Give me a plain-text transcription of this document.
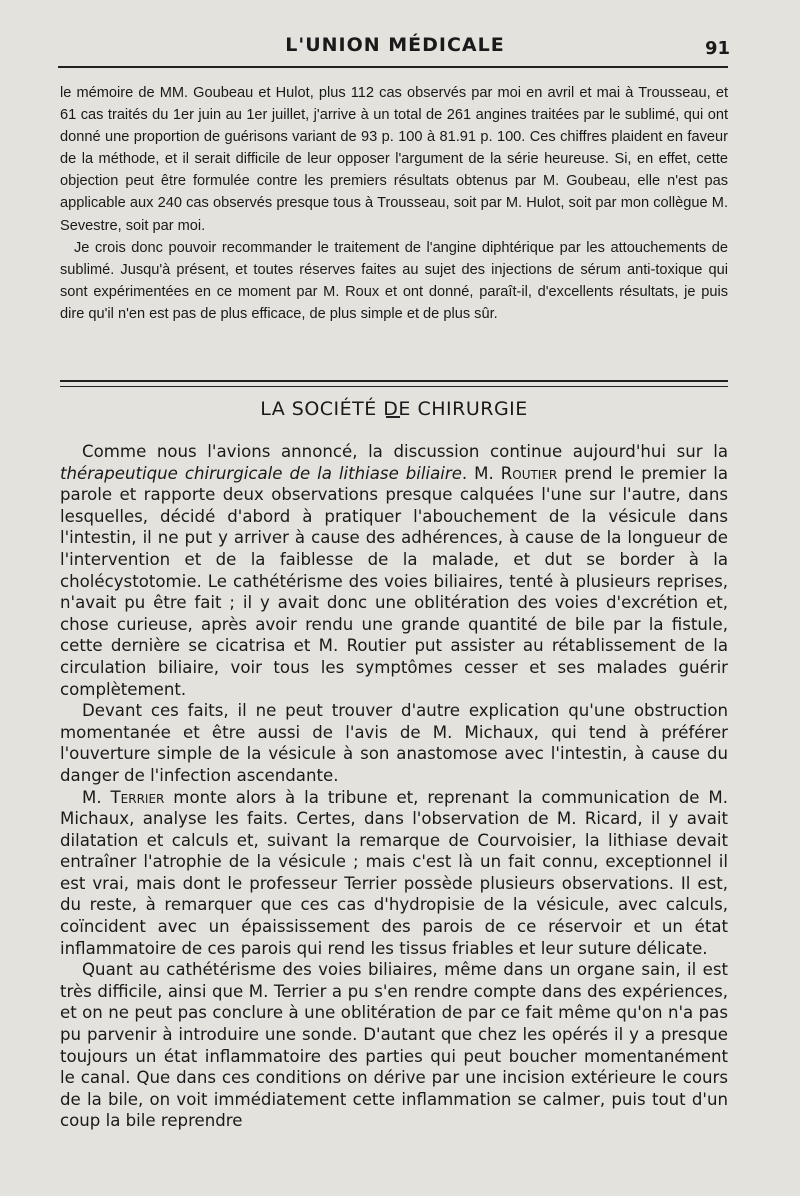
L'UNION MÉDICALE	91

le mémoire de MM. Goubeau et Hulot, plus 112 cas observés par moi en avril et mai à Trousseau, et 61 cas traités du 1er juin au 1er juillet, j'arrive à un total de 261 angines traitées par le sublimé, qui ont donné une proportion de guérisons variant de 93 p. 100 à 81.91 p. 100. Ces chiffres plaident en faveur de la méthode, et il serait difficile de leur opposer l'argument de la série heureuse. Si, en effet, cette objection peut être formulée contre les premiers résultats obtenus par M. Goubeau, elle n'est pas applicable aux 240 cas observés presque tous à Trousseau, soit par M. Hulot, soit par mon collègue M. Sevestre, soit par moi.

Je crois donc pouvoir recommander le traitement de l'angine diphtérique par les attouchements de sublimé. Jusqu'à présent, et toutes réserves faites au sujet des injections de sérum anti-toxique qui sont expérimentées en ce moment par M. Roux et ont donné, paraît-il, d'excellents résultats, je puis dire qu'il n'en est pas de plus efficace, de plus simple et de plus sûr.

LA SOCIÉTÉ DE CHIRURGIE

Comme nous l'avions annoncé, la discussion continue aujourd'hui sur la thérapeutique chirurgicale de la lithiase biliaire. M. Routier prend le premier la parole et rapporte deux observations presque calquées l'une sur l'autre, dans lesquelles, décidé d'abord à pratiquer l'abouchement de la vésicule dans l'intestin, il ne put y arriver à cause des adhérences, à cause de la longueur de l'intervention et de la faiblesse de la malade, et dut se border à la cholécystotomie. Le cathétérisme des voies biliaires, tenté à plusieurs reprises, n'avait pu être fait ; il y avait donc une oblitération des voies d'excrétion et, chose curieuse, après avoir rendu une grande quantité de bile par la fistule, cette dernière se cicatrisa et M. Routier put assister au rétablissement de la circulation biliaire, voir tous les symptômes cesser et ses malades guérir complètement.

Devant ces faits, il ne peut trouver d'autre explication qu'une obstruction momentanée et être aussi de l'avis de M. Michaux, qui tend à préférer l'ouverture simple de la vésicule à son anastomose avec l'intestin, à cause du danger de l'infection ascendante.

M. Terrier monte alors à la tribune et, reprenant la communication de M. Michaux, analyse les faits. Certes, dans l'observation de M. Ricard, il y avait dilatation et calculs et, suivant la remarque de Courvoisier, la lithiase devait entraîner l'atrophie de la vésicule ; mais c'est là un fait connu, exceptionnel il est vrai, mais dont le professeur Terrier possède plusieurs observations. Il est, du reste, à remarquer que ces cas d'hydropisie de la vésicule, avec calculs, coïncident avec un épaississement des parois de ce réservoir et un état inflammatoire de ces parois qui rend les tissus friables et leur suture délicate.

Quant au cathétérisme des voies biliaires, même dans un organe sain, il est très difficile, ainsi que M. Terrier a pu s'en rendre compte dans des expériences, et on ne peut pas conclure à une oblitération de par ce fait même qu'on n'a pas pu parvenir à introduire une sonde. D'autant que chez les opérés il y a presque toujours un état inflammatoire des parties qui peut boucher momentanément le canal. Que dans ces conditions on dérive par une incision extérieure le cours de la bile, on voit immédiatement cette inflammation se calmer, puis tout d'un coup la bile reprendre
